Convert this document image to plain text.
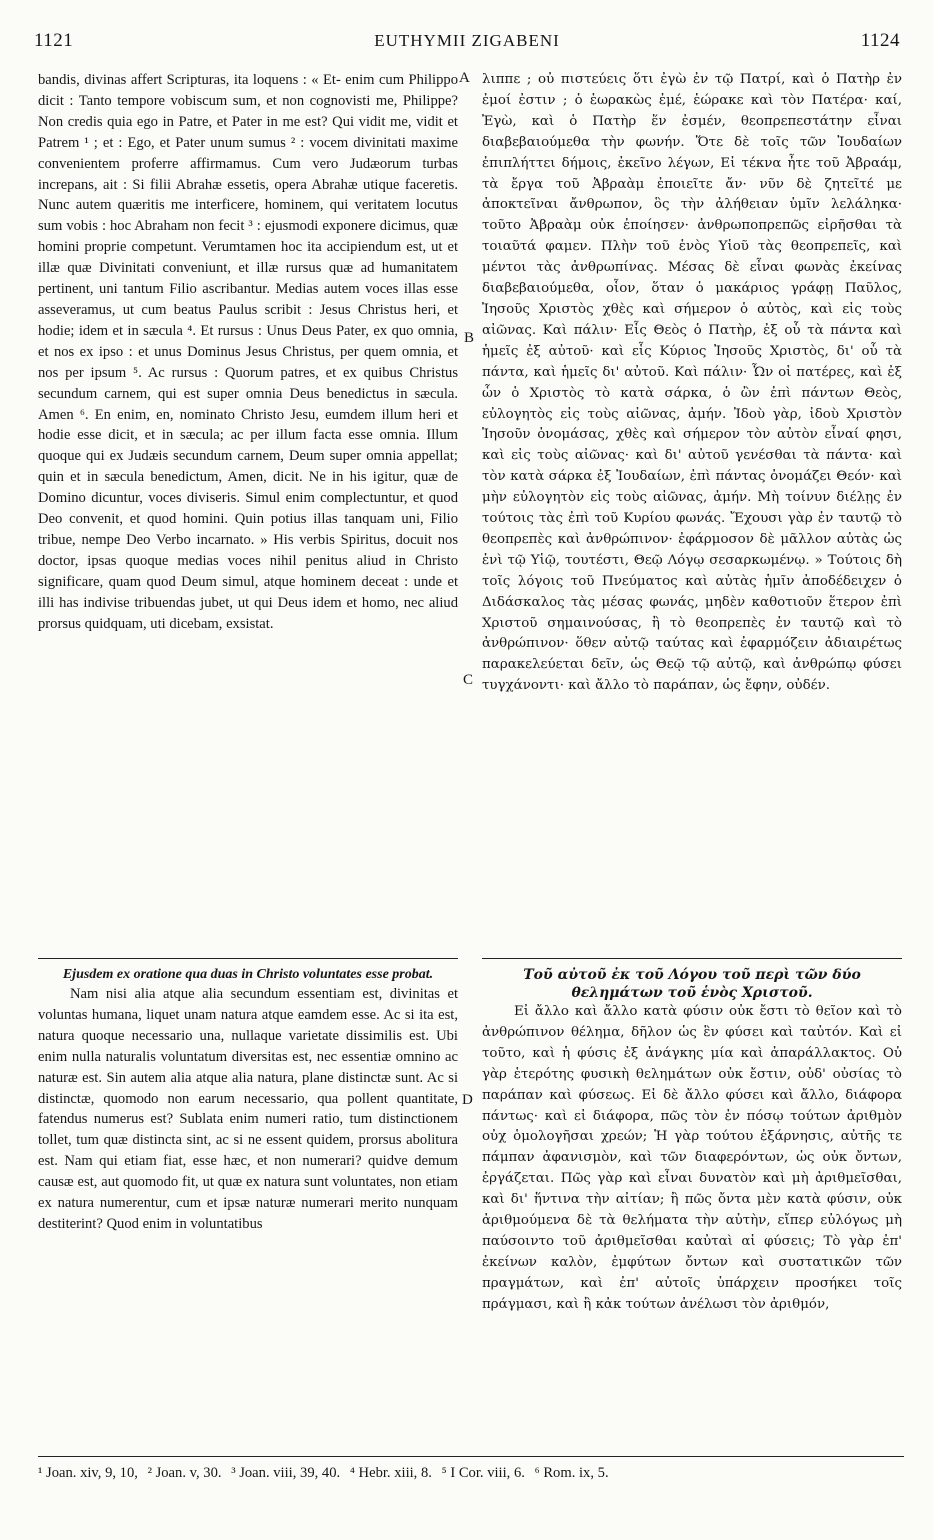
1121	EUTHYMII ZIGABENI	1124

bandis, divinas affert Scripturas, ita loquens : « Et- enim cum Philippo dicit : Tanto tempore vobiscum sum, et non cognovisti me, Philippe? Non credis quia ego in Patre, et Pater in me est? Qui vidit me, vidit et Patrem ¹ ; et : Ego, et Pater unum sumus ² : vocem divinitati maxime convenientem proferre affirmamus. Cum vero Judæorum turbas increpans, ait : Si filii Abrahæ essetis, opera Abrahæ utique faceretis. Nunc autem quæritis me interficere, hominem, qui veritatem locutus sum vobis : hoc Abraham non fecit ³ : ejusmodi exponere dicimus, quæ homini proprie competunt. Verumtamen hoc ita accipiendum est, ut et illæ quæ Divinitati conveniunt, et illæ rursus quæ ad humanitatem pertinent, uni tantum Filio ascribantur. Medias autem voces illas esse asseveramus, ut cum beatus Paulus scribit : Jesus Christus heri, et hodie; idem et in sæcula ⁴. Et rursus : Unus Deus Pater, ex quo omnia, et nos ex ipso : et unus Dominus Jesus Christus, per quem omnia, et nos per ipsum ⁵. Ac rursus : Quorum patres, et ex quibus Christus secundum carnem, qui est super omnia Deus benedictus in sæcula. Amen ⁶. En enim, en, nominato Christo Jesu, eumdem illum heri et hodie esse dicit, et in sæcula; ac per illum facta esse omnia. Illum quoque qui ex Judæis secundum carnem, Deum super omnia appellat; quin et in sæcula benedictum, Amen, dicit. Ne in his igitur, quæ de Domino dicuntur, voces diviseris. Simul enim complectuntur, et quod Deo convenit, et quod homini. Quin potius illas tanquam uni, Filio tribue, nempe Deo Verbo incarnato. » His verbis Spiritus, docuit nos doctor, ipsas quoque medias voces nihil penitus aliud in Christo significare, quam quod Deum simul, atque hominem deceat : unde et illi has indivise tribuendas jubet, ut qui Deus idem et homo, nec aliud prorsus quidquam, uti dicebam, exsistat.

λιππε ; οὐ πιστεύεις ὅτι ἐγὼ ἐν τῷ Πατρί, καὶ ὁ Πατὴρ ἐν ἐμοί ἐστιν ; ὁ ἑωρακὼς ἐμέ, ἑώρακε καὶ τὸν Πατέρα· καί, Ἐγὼ, καὶ ὁ Πατὴρ ἕν ἐσμέν, θεοπρεπεστάτην εἶναι διαβεβαιούμεθα τὴν φωνήν. Ὅτε δὲ τοῖς τῶν Ἰουδαίων ἐπιπλήττει δήμοις, ἐκεῖνο λέγων, Εἰ τέκνα ἦτε τοῦ Ἀβραάμ, τὰ ἔργα τοῦ Ἀβραὰμ ἐποιεῖτε ἄν· νῦν δὲ ζητεῖτέ με ἀποκτεῖναι ἄνθρωπον, ὃς τὴν ἀλήθειαν ὑμῖν λελάληκα· τοῦτο Ἀβραὰμ οὐκ ἐποίησεν· ἀνθρωποπρεπῶς εἰρῆσθαι τὰ τοιαῦτά φαμεν. Πλὴν τοῦ ἑνὸς Υἱοῦ τὰς θεοπρεπεῖς, καὶ μέντοι τὰς ἀνθρωπίνας. Μέσας δὲ εἶναι φωνὰς ἐκείνας διαβεβαιούμεθα, οἷον, ὅταν ὁ μακάριος γράφῃ Παῦλος, Ἰησοῦς Χριστὸς χθὲς καὶ σήμερον ὁ αὐτὸς, καὶ εἰς τοὺς αἰῶνας. Καὶ πάλιν· Εἷς Θεὸς ὁ Πατὴρ, ἐξ οὗ τὰ πάντα καὶ ἡμεῖς ἐξ αὐτοῦ· καὶ εἷς Κύριος Ἰησοῦς Χριστὸς, δι' οὗ τὰ πάντα, καὶ ἡμεῖς δι' αὐτοῦ. Καὶ πάλιν· Ὧν οἱ πατέρες, καὶ ἐξ ὧν ὁ Χριστὸς τὸ κατὰ σάρκα, ὁ ὢν ἐπὶ πάντων Θεὸς, εὐλογητὸς εἰς τοὺς αἰῶνας, ἀμήν. Ἰδοὺ γὰρ, ἰδοὺ Χριστὸν Ἰησοῦν ὀνομάσας, χθὲς καὶ σήμερον τὸν αὐτὸν εἶναί φησι, καὶ εἰς τοὺς αἰῶνας· καὶ δι' αὐτοῦ γενέσθαι τὰ πάντα· καὶ τὸν κατὰ σάρκα ἐξ Ἰουδαίων, ἐπὶ πάντας ὀνομάζει Θεόν· καὶ μὴν εὐλογητὸν εἰς τοὺς αἰῶνας, ἀμήν. Μὴ τοίνυν διέλῃς ἐν τούτοις τὰς ἐπὶ τοῦ Κυρίου φωνάς. Ἔχουσι γὰρ ἐν ταυτῷ τὸ θεοπρεπὲς καὶ ἀνθρώπινον· ἐφάρμοσον δὲ μᾶλλον αὐτὰς ὡς ἑνὶ τῷ Υἱῷ, τουτέστι, Θεῷ Λόγῳ σεσαρκωμένῳ. » Τούτοις δὴ τοῖς λόγοις τοῦ Πνεύματος καὶ αὐτὰς ἡμῖν ἀποδέδειχεν ὁ Διδάσκαλος τὰς μέσας φωνάς, μηδὲν καθοτιοῦν ἕτερον ἐπὶ Χριστοῦ σημαινούσας, ἢ τὸ θεοπρεπὲς ἐν ταυτῷ καὶ τὸ ἀνθρώπινον· ὅθεν αὐτῷ ταύτας καὶ ἐφαρμόζειν ἀδιαιρέτως παρακελεύεται δεῖν, ὡς Θεῷ τῷ αὐτῷ, καὶ ἀνθρώπῳ φύσει τυγχάνοντι· καὶ ἄλλο τὸ παράπαν, ὡς ἔφην, οὐδέν.

A
B
C
D

Ejusdem ex oratione qua duas in Christo voluntates esse probat.

Nam nisi alia atque alia secundum essentiam est, divinitas et voluntas humana, liquet unam natura atque eamdem esse. Ac si ita est, natura quoque necessario una, nullaque varietate dissimilis est. Ubi enim nulla naturalis voluntatum diversitas est, nec essentiæ omnino ac naturæ est. Sin autem alia atque alia natura, plane distinctæ sunt. Ac si distinctæ, quomodo non earum necessario, qua pollent quantitate, fatendus numerus est? Sublata enim numeri ratio, tum distinctionem tollet, tum quæ distincta sint, ac si ne essent quidem, prorsus abolitura est. Nam qui etiam fiat, esse hæc, et non numerari? quidve demum causæ est, aut quomodo fit, ut quæ ex natura sunt voluntates, non etiam ex natura numerentur, cum et ipsæ naturæ numerari merito nunquam destiterint? Quod enim in voluntatibus

Τοῦ αὐτοῦ ἐκ τοῦ Λόγου τοῦ περὶ τῶν δύο θελημάτων τοῦ ἑνὸς Χριστοῦ.

Εἰ ἄλλο καὶ ἄλλο κατὰ φύσιν οὐκ ἔστι τὸ θεῖον καὶ τὸ ἀνθρώπινον θέλημα, δῆλον ὡς ἓν φύσει καὶ ταὐτόν. Καὶ εἰ τοῦτο, καὶ ἡ φύσις ἐξ ἀνάγκης μία καὶ ἀπαράλλακτος. Οὐ γὰρ ἑτερότης φυσικὴ θελημάτων οὐκ ἔστιν, οὐδ' οὐσίας τὸ παράπαν καὶ φύσεως. Εἰ δὲ ἄλλο φύσει καὶ ἄλλο, διάφορα πάντως· καὶ εἰ διάφορα, πῶς τὸν ἐν πόσῳ τούτων ἀριθμὸν οὐχ ὁμολογῆσαι χρεών; Ἡ γὰρ τούτου ἐξάρνησις, αὐτῆς τε πάμπαν ἀφανισμὸν, καὶ τῶν διαφερόντων, ὡς οὐκ ὄντων, ἐργάζεται. Πῶς γὰρ καὶ εἶναι δυνατὸν καὶ μὴ ἀριθμεῖσθαι, καὶ δι' ἥντινα τὴν αἰτίαν; ἢ πῶς ὄντα μὲν κατὰ φύσιν, οὐκ ἀριθμούμενα δὲ τὰ θελήματα τὴν αὐτὴν, εἴπερ εὐλόγως μὴ παύσοιντο τοῦ ἀριθμεῖσθαι καὐταὶ αἱ φύσεις; Τὸ γὰρ ἐπ' ἐκείνων καλὸν, ἐμφύτων ὄντων καὶ συστατικῶν τῶν πραγμάτων, καὶ ἐπ' αὐτοῖς ὑπάρχειν προσήκει τοῖς πράγμασι, καὶ ἢ κἀκ τούτων ἀνέλωσι τὸν ἀριθμόν,

¹ Joan. xiv, 9, 10, ² Joan. v, 30. ³ Joan. viii, 39, 40. ⁴ Hebr. xiii, 8. ⁵ I Cor. viii, 6. ⁶ Rom. ix, 5.
